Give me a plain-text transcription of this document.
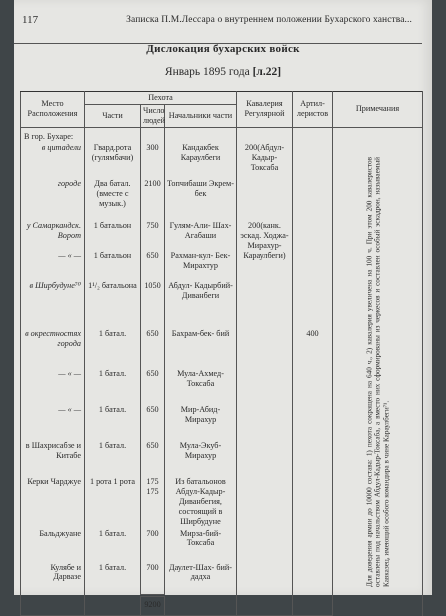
117	Записка П.М.Лессара о внутреннем положении Бухарского ханства...
Дислокация бухарских войск
Январь 1895 года [л.22]
Место Расположения	Пехота			Кавалерия Регулярной	Артил- леристов	Примечания
	Части	Число людей	Начальники части			
В гор. Бухаре:						Для доведения армии до 10000 состава: 1) пехота сокращена на 640 ч., 2) кавалерия увеличена на 100 ч. При этом 200 кавалеристов оставлены под начальством Абдул-Кадыр-Токсаба, а вместо них сформированы из черкесов и составлен особый эскадрон, называемый Кавказец, имеющий особого командира в чине Караулбеги⁷¹.

в цитадели	Гвард.рота (гулямбачи)	300	Кандакбек Караулбеги	200(Абдул- Кадыр- Токсаба		
городе	Два батал. (вместе с музык.)	2100	Топчибаши Экрем-бек			
у Самаркандск. Ворот	1 батальон	750	Гулям-Али- Шах-Агабаши	200(канк. эскад. Ходжа- Мирахур- Караулбеги)		
— « —	1 батальон	650	Рахман-кул- Бек-Мирахтур			
в Ширбудуне⁷⁰	1¹/₂ батальона	1050	Абдул- Кадырбий- Диванбеги			
в окрестностях города	1 батал.	650	Бахрам-бек- бий		400	
— « —	1 батал.	650	Мула-Ахмед- Токсаба			
— « —	1 батал.	650	Мир-Абид- Мирахур			
в Шахрисабзе и Китабе	1 батал.	650	Мула-Экуб- Мирахур			
Керки Чарджуе	1 рота 1 рота	175 175	Из батальонов Абдул-Кадыр- Диванбегия, состоящий в Ширбудуне			
Бальджуане	1 батал.	700	Мирза-бий- Токсаба			
Кулябе и Дарвазе	1 батал.	700	Даулет-Шах- бий-дадха			
		9200				
